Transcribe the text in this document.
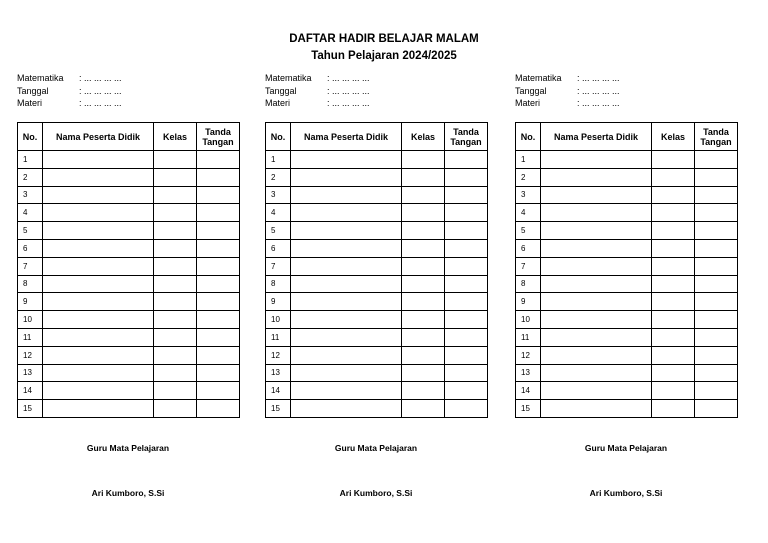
DAFTAR HADIR BELAJAR MALAM
Tahun Pelajaran 2024/2025
Matematika	: ... ... ... ...
Tanggal	: ... ... ... ...
Materi	: ... ... ... ...
No.	Nama Peserta Didik	Kelas	Tanda Tangan
1			
2			
3			
4			
5			
6			
7			
8			
9			
10			
11			
12			
13			
14			
15			
Guru Mata Pelajaran
Ari Kumboro, S.Si
Matematika	: ... ... ... ...
Tanggal	: ... ... ... ...
Materi	: ... ... ... ...
No.	Nama Peserta Didik	Kelas	Tanda Tangan
1			
2			
3			
4			
5			
6			
7			
8			
9			
10			
11			
12			
13			
14			
15			
Guru Mata Pelajaran
Ari Kumboro, S.Si
Matematika	: ... ... ... ...
Tanggal	: ... ... ... ...
Materi	: ... ... ... ...
No.	Nama Peserta Didik	Kelas	Tanda Tangan
1			
2			
3			
4			
5			
6			
7			
8			
9			
10			
11			
12			
13			
14			
15			
Guru Mata Pelajaran
Ari Kumboro, S.Si
